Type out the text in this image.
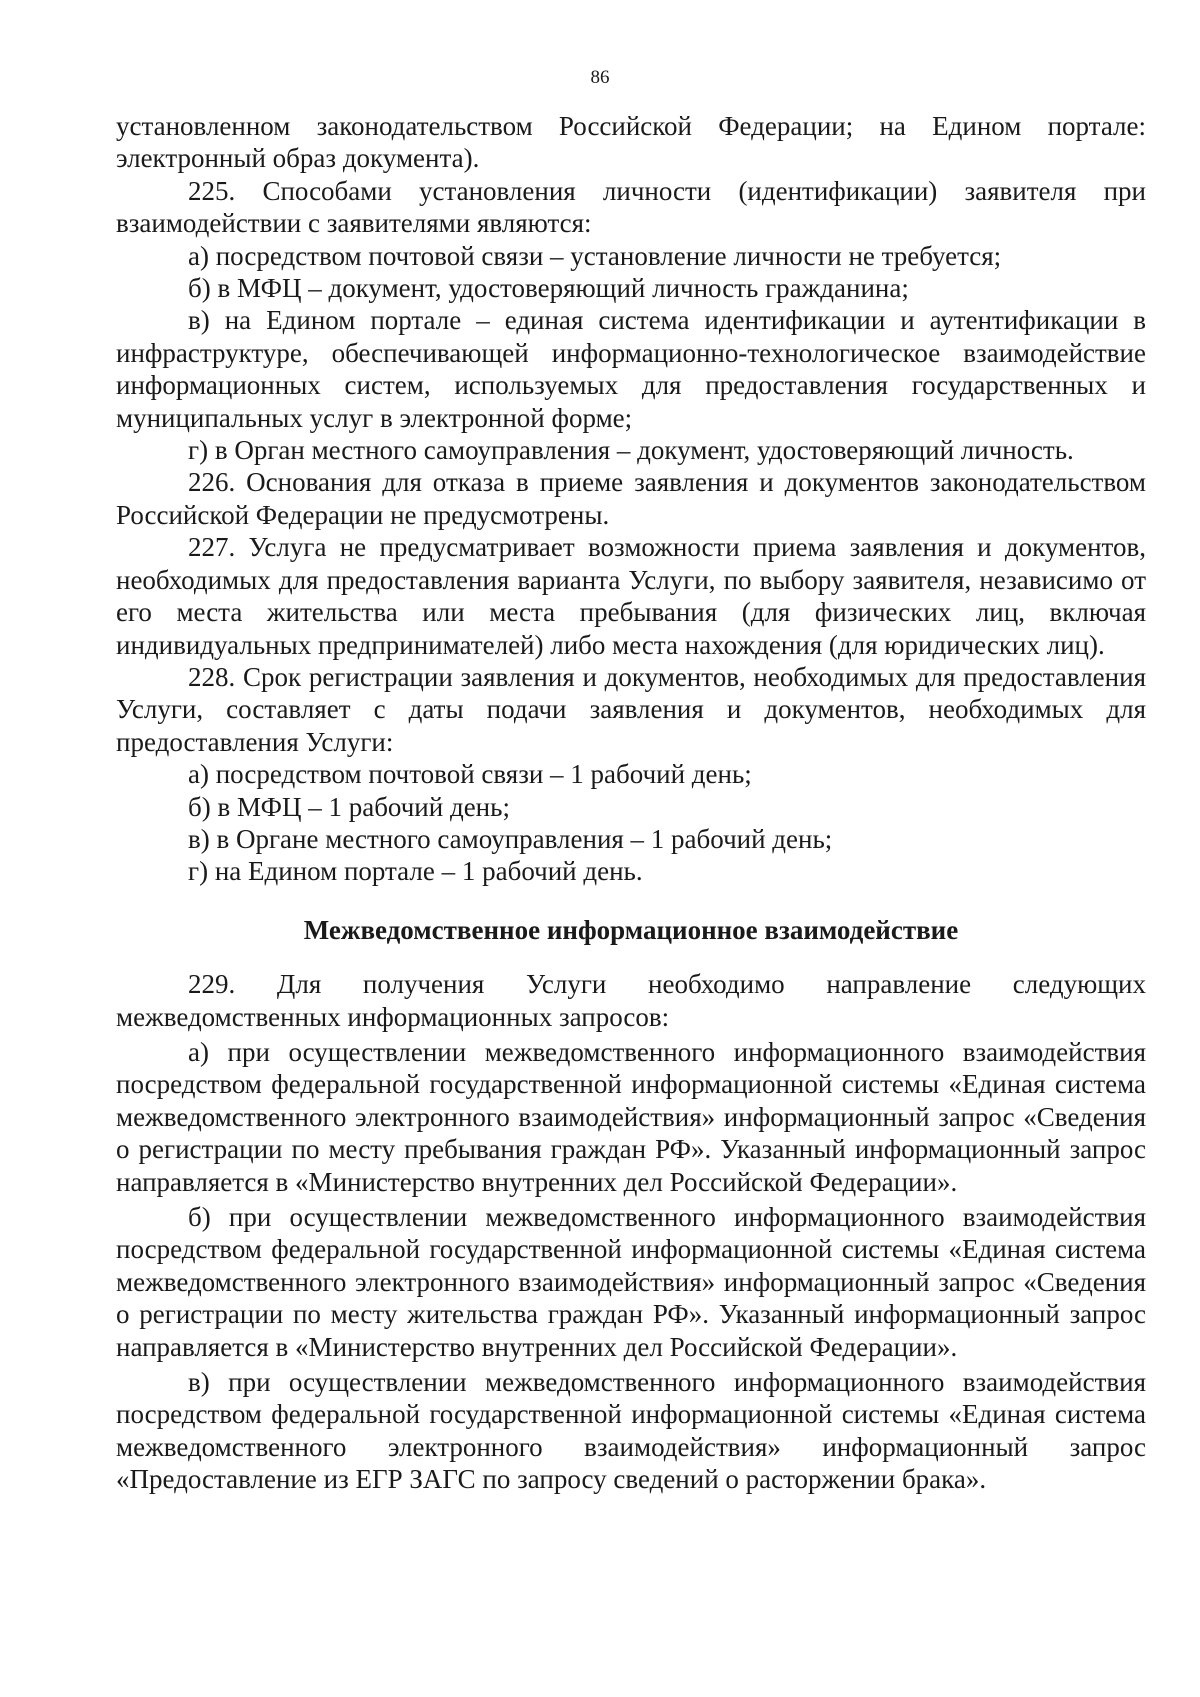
86

установленном законодательством Российской Федерации; на Едином портале: электронный образ документа).

225. Способами установления личности (идентификации) заявителя при взаимодействии с заявителями являются:

а) посредством почтовой связи – установление личности не требуется;

б) в МФЦ – документ, удостоверяющий личность гражданина;

в) на Едином портале – единая система идентификации и аутентификации в инфраструктуре, обеспечивающей информационно-технологическое взаимодействие информационных систем, используемых для предоставления государственных и муниципальных услуг в электронной форме;

г) в Орган местного самоуправления – документ, удостоверяющий личность.

226. Основания для отказа в приеме заявления и документов законодательством Российской Федерации не предусмотрены.

227. Услуга не предусматривает возможности приема заявления и документов, необходимых для предоставления варианта Услуги, по выбору заявителя, независимо от его места жительства или места пребывания (для физических лиц, включая индивидуальных предпринимателей) либо места нахождения (для юридических лиц).

228. Срок регистрации заявления и документов, необходимых для предоставления Услуги, составляет с даты подачи заявления и документов, необходимых для предоставления Услуги:

а) посредством почтовой связи – 1 рабочий день;

б) в МФЦ – 1 рабочий день;

в) в Органе местного самоуправления – 1 рабочий день;

г) на Едином портале – 1 рабочий день.

Межведомственное информационное взаимодействие

229. Для получения Услуги необходимо направление следующих межведомственных информационных запросов:

а) при осуществлении межведомственного информационного взаимодействия посредством федеральной государственной информационной системы «Единая система межведомственного электронного взаимодействия» информационный запрос «Сведения о регистрации по месту пребывания граждан РФ». Указанный информационный запрос направляется в «Министерство внутренних дел Российской Федерации».

б) при осуществлении межведомственного информационного взаимодействия посредством федеральной государственной информационной системы «Единая система межведомственного электронного взаимодействия» информационный запрос «Сведения о регистрации по месту жительства граждан РФ». Указанный информационный запрос направляется в «Министерство внутренних дел Российской Федерации».

в) при осуществлении межведомственного информационного взаимодействия посредством федеральной государственной информационной системы «Единая система межведомственного электронного взаимодействия» информационный запрос «Предоставление из ЕГР ЗАГС по запросу сведений о расторжении брака».
